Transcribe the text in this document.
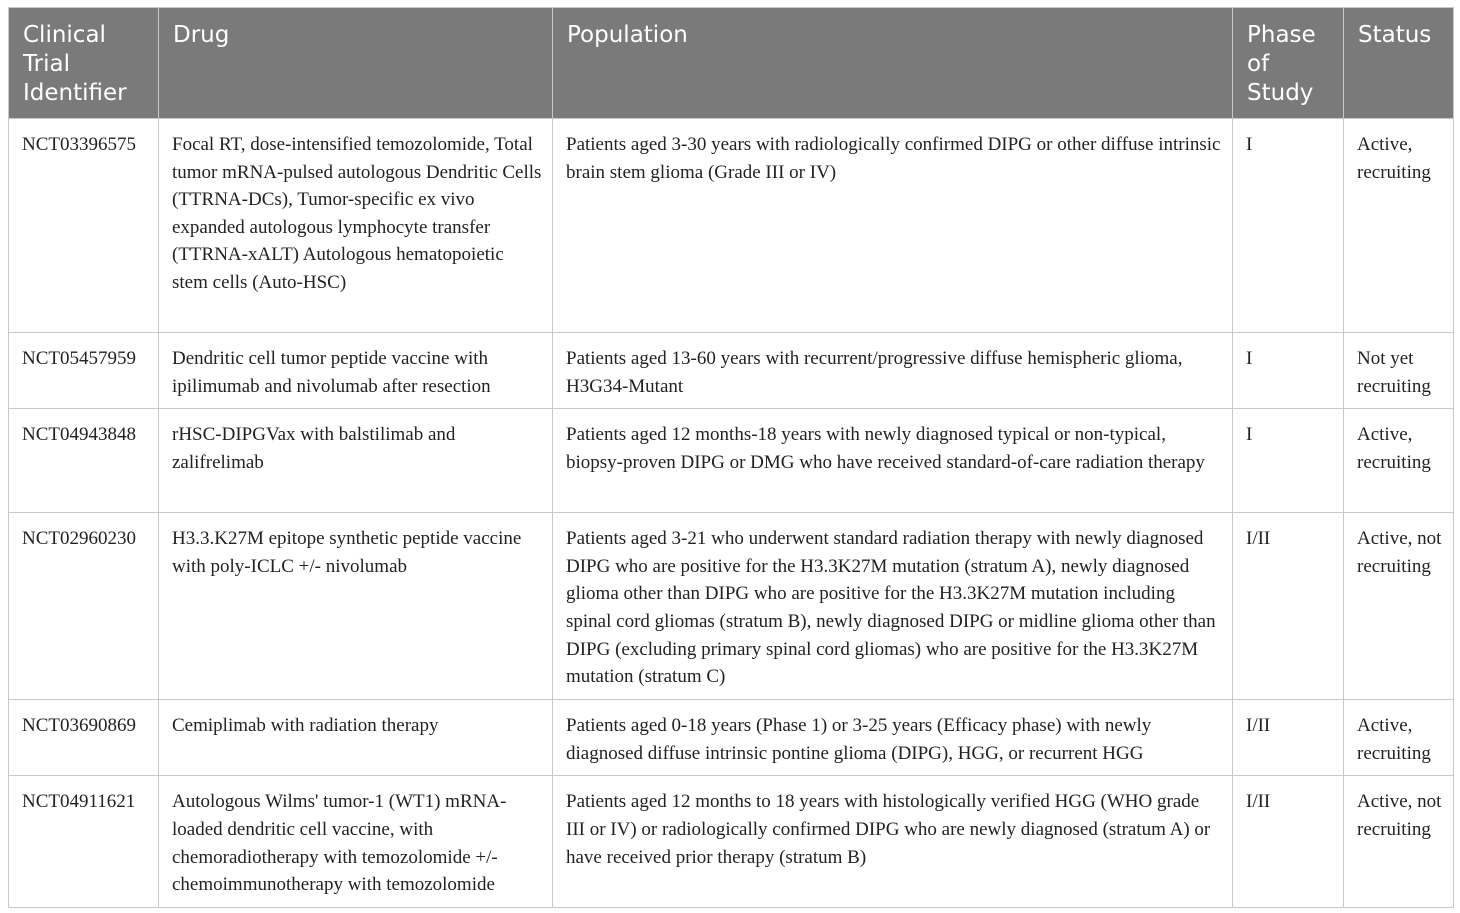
Clinical Trial Identifier	Drug	Population	Phase of Study	Status
NCT03396575	Focal RT, dose-intensified temozolomide, Total tumor mRNA-pulsed autologous Dendritic Cells (TTRNA-DCs), Tumor-specific ex vivo expanded autologous lymphocyte transfer (TTRNA-xALT) Autologous hematopoietic stem cells (Auto-HSC)	Patients aged 3-30 years with radiologically confirmed DIPG or other diffuse intrinsic brain stem glioma (Grade III or IV)	I	Active, recruiting
NCT05457959	Dendritic cell tumor peptide vaccine with ipilimumab and nivolumab after resection	Patients aged 13-60 years with recurrent/progressive diffuse hemispheric glioma, H3G34-Mutant	I	Not yet recruiting
NCT04943848	rHSC-DIPGVax with balstilimab and zalifrelimab	Patients aged 12 months-18 years with newly diagnosed typical or non-typical, biopsy-proven DIPG or DMG who have received standard-of-care radiation therapy	I	Active, recruiting
NCT02960230	H3.3.K27M epitope synthetic peptide vaccine with poly-ICLC +/- nivolumab	Patients aged 3-21 who underwent standard radiation therapy with newly diagnosed DIPG who are positive for the H3.3K27M mutation (stratum A), newly diagnosed glioma other than DIPG who are positive for the H3.3K27M mutation including spinal cord gliomas (stratum B), newly diagnosed DIPG or midline glioma other than DIPG (excluding primary spinal cord gliomas) who are positive for the H3.3K27M mutation (stratum C)	I/II	Active, not recruiting
NCT03690869	Cemiplimab with radiation therapy	Patients aged 0-18 years (Phase 1) or 3-25 years (Efficacy phase) with newly diagnosed diffuse intrinsic pontine glioma (DIPG), HGG, or recurrent HGG	I/II	Active, recruiting
NCT04911621	Autologous Wilms' tumor-1 (WT1) mRNA-loaded dendritic cell vaccine, with chemoradiotherapy with temozolomide +/- chemoimmunotherapy with temozolomide	Patients aged 12 months to 18 years with histologically verified HGG (WHO grade III or IV) or radiologically confirmed DIPG who are newly diagnosed (stratum A) or have received prior therapy (stratum B)	I/II	Active, not recruiting
